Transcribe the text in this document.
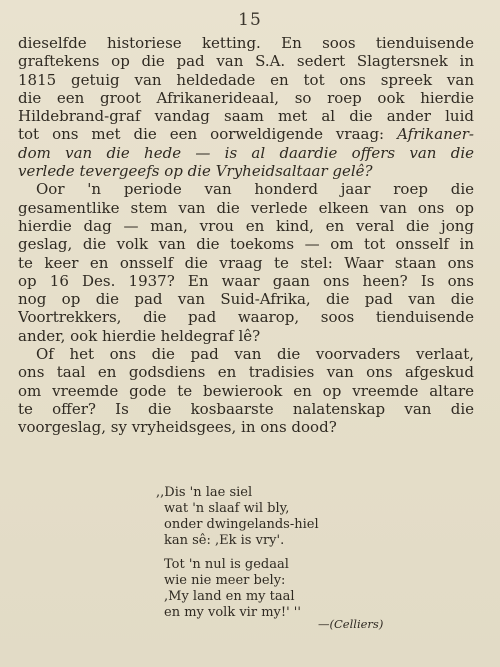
15
dieselfde historiese ketting. En soos tienduisende
graftekens op die pad van S.A. sedert Slagtersnek in
1815 getuig van heldedade en tot ons spreek van
die een groot Afrikanerideaal, so roep ook hierdie
Hildebrand-graf vandag saam met al die ander luid
tot ons met die een oorweldigende vraag: Afrikaner-
dom van die hede — is al daardie offers van die
verlede tevergeefs op die Vryheidsaltaar gelê?
Oor 'n periode van honderd jaar roep die
gesamentlike stem van die verlede elkeen van ons op
hierdie dag — man, vrou en kind, en veral die jong
geslag, die volk van die toekoms — om tot onsself in
te keer en onsself die vraag te stel: Waar staan ons
op 16 Des. 1937? En waar gaan ons heen? Is ons
nog op die pad van Suid-Afrika, die pad van die
Voortrekkers, die pad waarop, soos tienduisende
ander, ook hierdie heldegraf lê?
Of het ons die pad van die voorvaders verlaat,
ons taal en godsdiens en tradisies van ons afgeskud
om vreemde gode te bewierook en op vreemde altare
te offer? Is die kosbaarste nalatenskap van die
voorgeslag, sy vryheidsgees, in ons dood?
,,Dis 'n lae siel
wat 'n slaaf wil bly,
onder dwingelands-hiel
kan sê: ,Ek is vry'.
Tot 'n nul is gedaal
wie nie meer bely:
,My land en my taal
en my volk vir my!' ''
—(Celliers)
